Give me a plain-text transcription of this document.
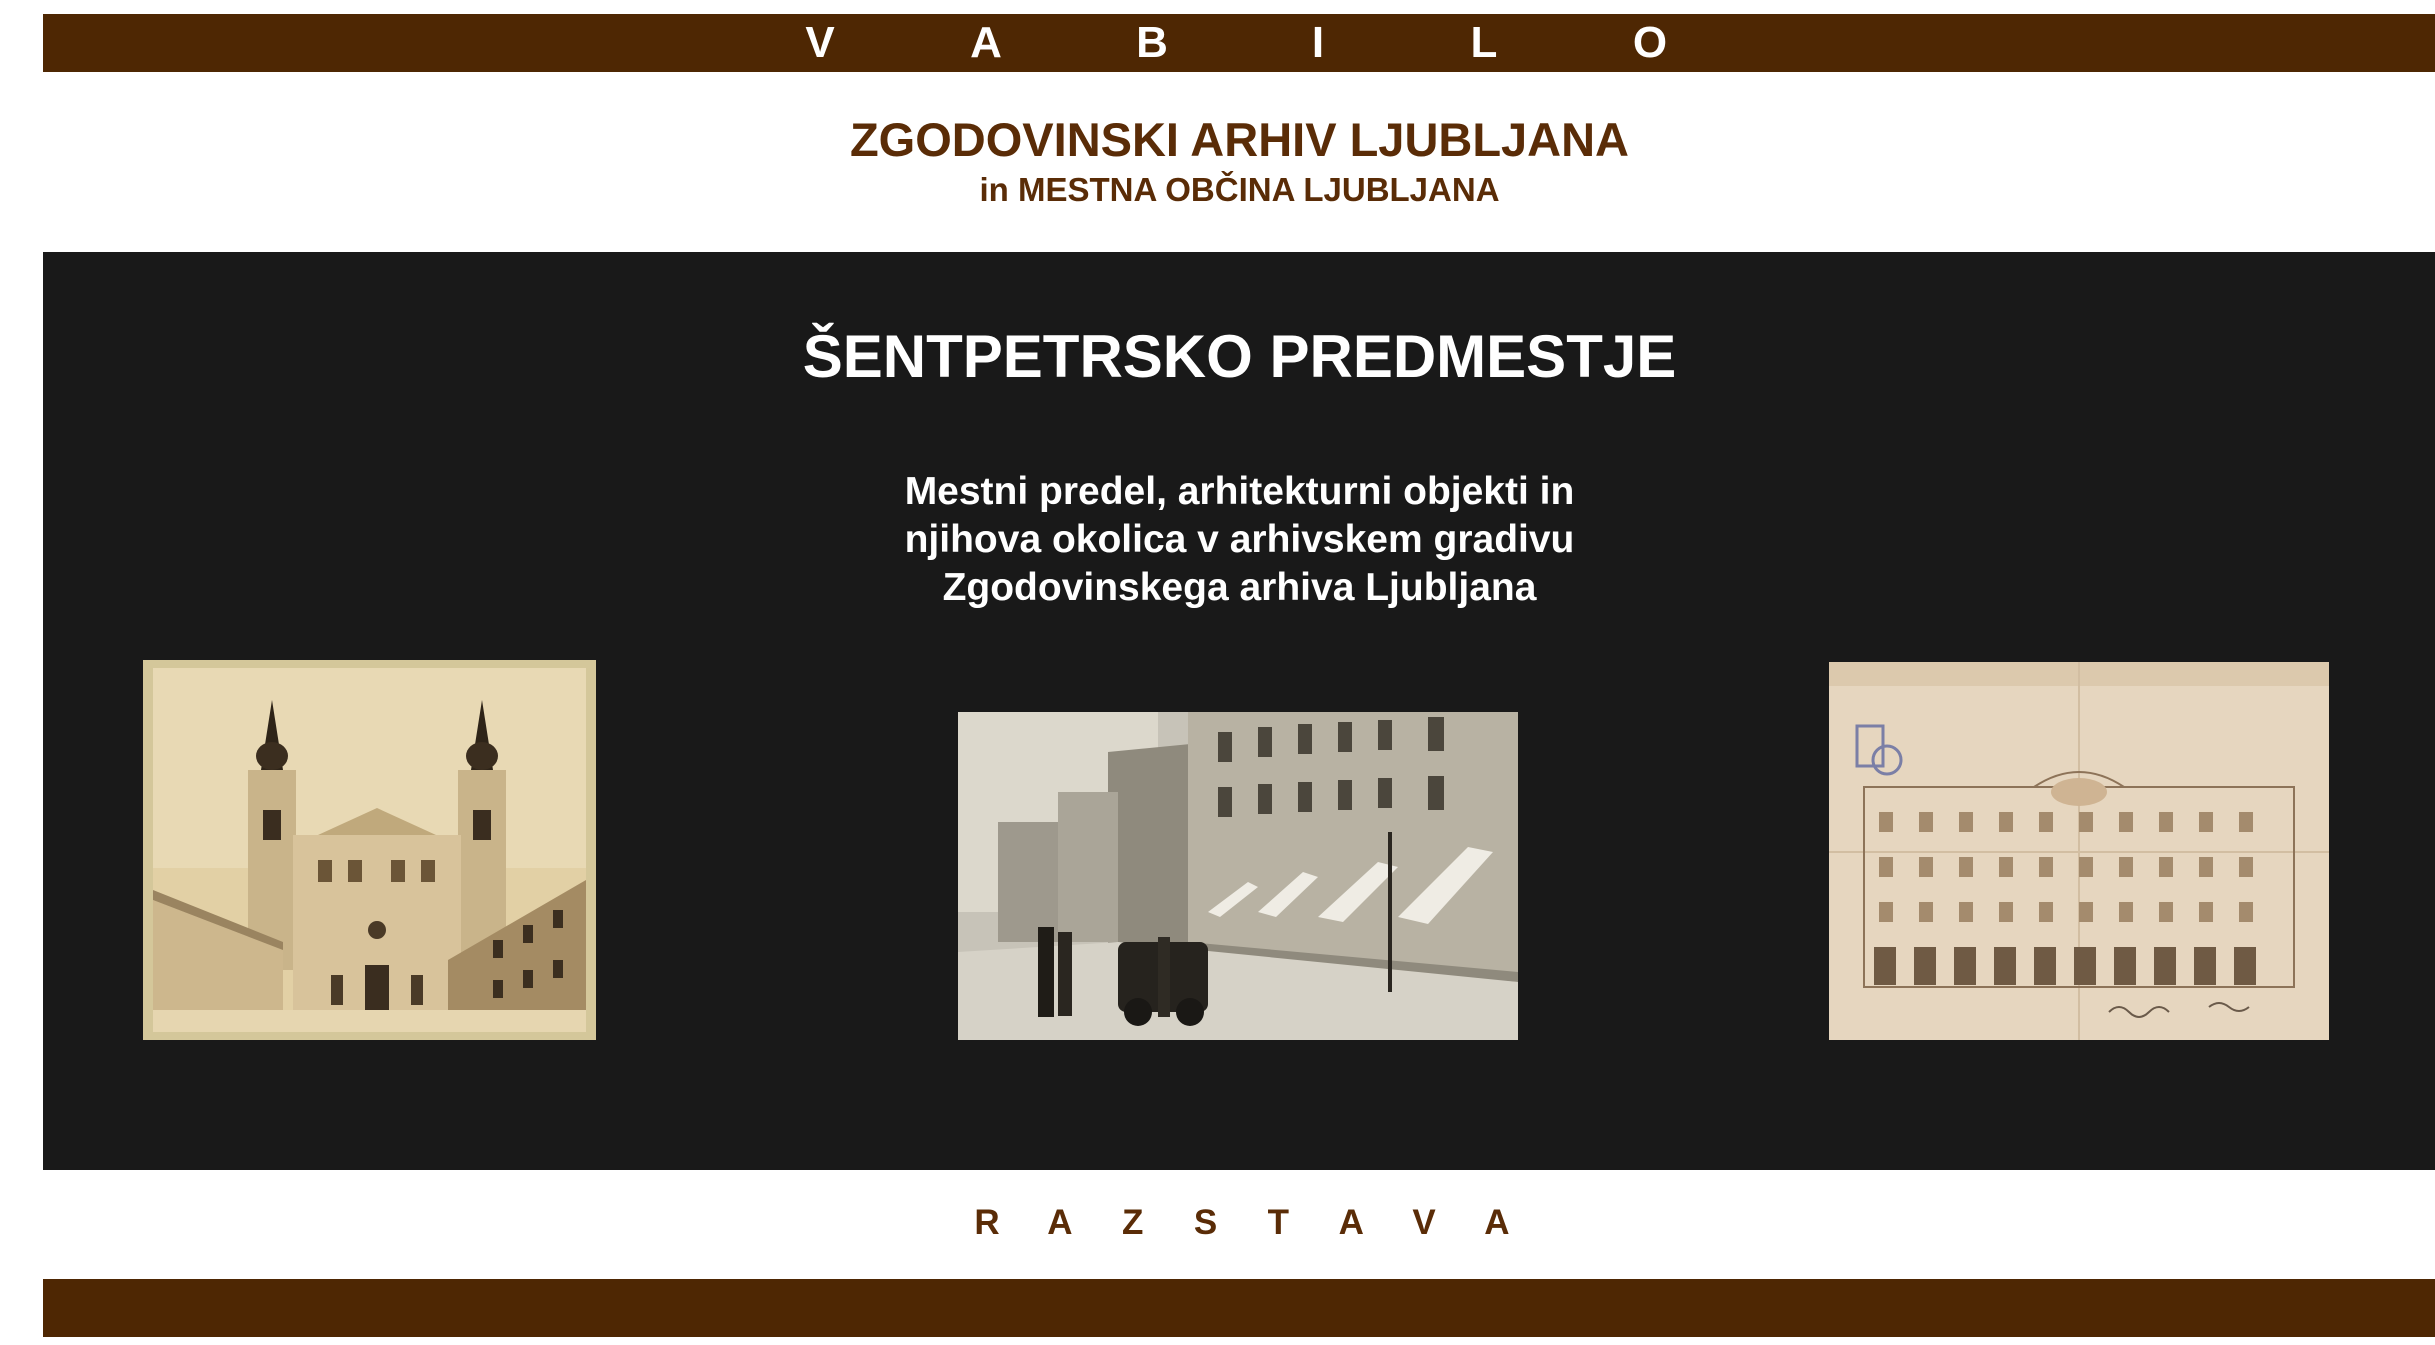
V	A	B	I	L	O
ZGODOVINSKI ARHIV LJUBLJANA
in MESTNA OBČINA LJUBLJANA
ŠENTPETRSKO PREDMESTJE
Mestni predel, arhitekturni objekti in
njihova okolica v arhivskem gradivu
Zgodovinskega arhiva Ljubljana
R A Z S T A V A
